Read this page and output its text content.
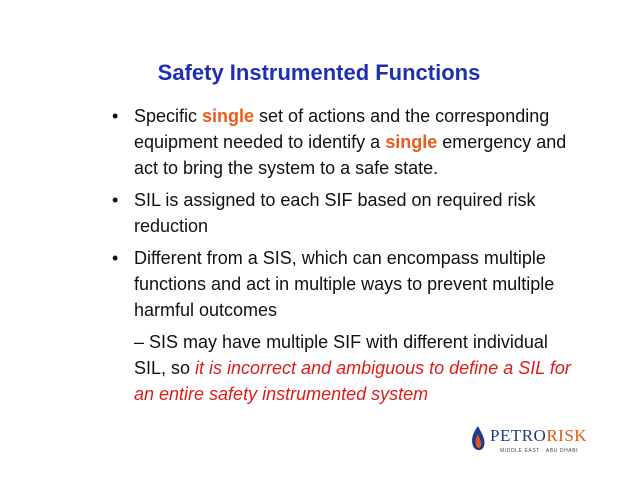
Safety Instrumented Functions
• Specific single set of actions and the corresponding equipment needed to identify a single emergency and act to bring the system to a safe state.
• SIL is assigned to each SIF based on required risk reduction
• Different from a SIS, which can encompass multiple functions and act in multiple ways to prevent multiple harmful outcomes
– SIS may have multiple SIF with different individual SIL, so it is incorrect and ambiguous to define a SIL for an entire safety instrumented system
PETRORISK
MIDDLE EAST · ABU DHABI
